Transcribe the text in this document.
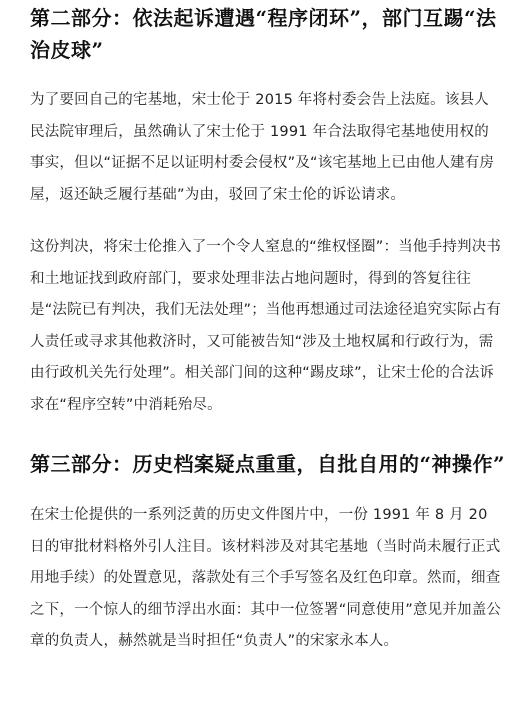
第二部分：依法起诉遭遇“程序闭环”，部门互踢“法治皮球”

为了要回自己的宅基地，宋士伦于 2015 年将村委会告上法庭。该县人民法院审理后，虽然确认了宋士伦于 1991 年合法取得宅基地使用权的事实，但以“证据不足以证明村委会侵权”及“该宅基地上已由他人建有房屋，返还缺乏履行基础”为由，驳回了宋士伦的诉讼请求。

这份判决，将宋士伦推入了一个令人窒息的“维权怪圈”：当他手持判决书和土地证找到政府部门，要求处理非法占地问题时，得到的答复往往是“法院已有判决，我们无法处理”；当他再想通过司法途径追究实际占有人责任或寻求其他救济时，又可能被告知“涉及土地权属和行政行为，需由行政机关先行处理”。相关部门间的这种“踢皮球”，让宋士伦的合法诉求在“程序空转”中消耗殆尽。

第三部分：历史档案疑点重重，自批自用的“神操作”

在宋士伦提供的一系列泛黄的历史文件图片中，一份 1991 年 8 月 20 日的审批材料格外引人注目。该材料涉及对其宅基地（当时尚未履行正式用地手续）的处置意见，落款处有三个手写签名及红色印章。然而，细查之下，一个惊人的细节浮出水面：其中一位签署“同意使用”意见并加盖公章的负责人，赫然就是当时担任“负责人”的宋家永本人。
